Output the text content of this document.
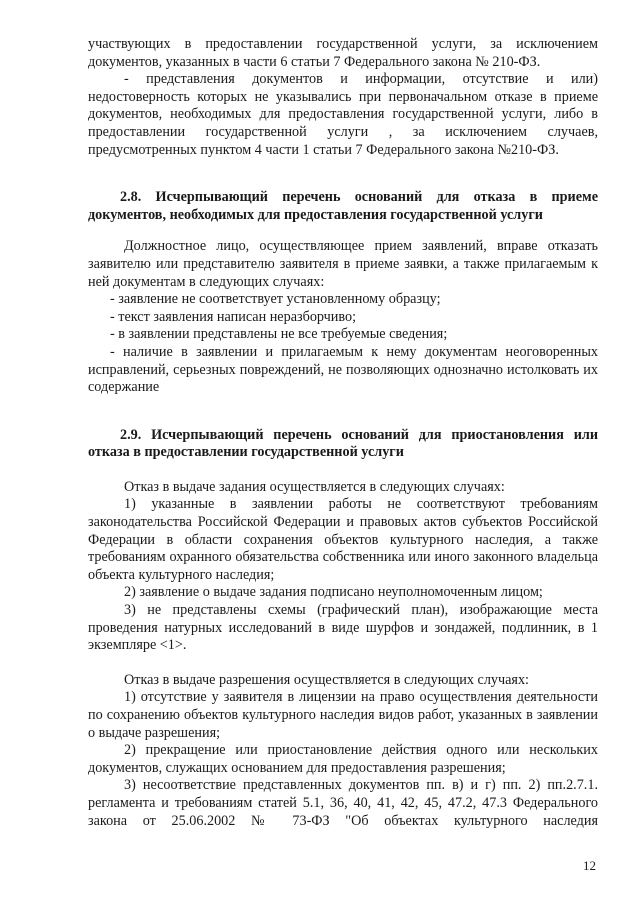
участвующих в предоставлении государственной услуги, за исключением документов, указанных в части 6 статьи 7 Федерального закона № 210-ФЗ.

- представления документов и информации, отсутствие и или) недостоверность которых не указывались при первоначальном отказе в приеме документов, необходимых для предоставления государственной услуги, либо в предоставлении государственной услуги , за исключением случаев, предусмотренных пунктом 4 части 1 статьи 7 Федерального закона №210-ФЗ.

2.8. Исчерпывающий перечень оснований для отказа в приеме документов, необходимых для предоставления государственной услуги

Должностное лицо, осуществляющее прием заявлений, вправе отказать заявителю или представителю заявителя в приеме заявки, а также прилагаемым к ней документам в следующих случаях:

- заявление не соответствует установленному образцу;

- текст заявления написан неразборчиво;

- в заявлении представлены не все требуемые сведения;

- наличие в заявлении и прилагаемым к нему документам неоговоренных исправлений, серьезных повреждений, не позволяющих однозначно истолковать их содержание

2.9. Исчерпывающий перечень оснований для приостановления или отказа в предоставлении государственной услуги

Отказ в выдаче задания осуществляется в следующих случаях:

1) указанные в заявлении работы не соответствуют требованиям законодательства Российской Федерации и правовых актов субъектов Российской Федерации в области сохранения объектов культурного наследия, а также требованиям охранного обязательства собственника или иного законного владельца объекта культурного наследия;

2) заявление о выдаче задания подписано неуполномоченным лицом;

3) не представлены схемы (графический план), изображающие места проведения натурных исследований в виде шурфов и зондажей, подлинник, в 1 экземпляре <1>.

Отказ в выдаче разрешения осуществляется в следующих случаях:

1) отсутствие у заявителя в лицензии на право осуществления деятельности по сохранению объектов культурного наследия видов работ, указанных в заявлении о выдаче разрешения;

2) прекращение или приостановление действия одного или нескольких документов, служащих основанием для предоставления разрешения;

3) несоответствие представленных документов пп. в) и г) пп. 2) пп.2.7.1. регламента и требованиям статей 5.1, 36, 40, 41, 42, 45, 47.2, 47.3 Федерального закона от 25.06.2002 № 73-ФЗ "Об объектах культурного наследия

12
